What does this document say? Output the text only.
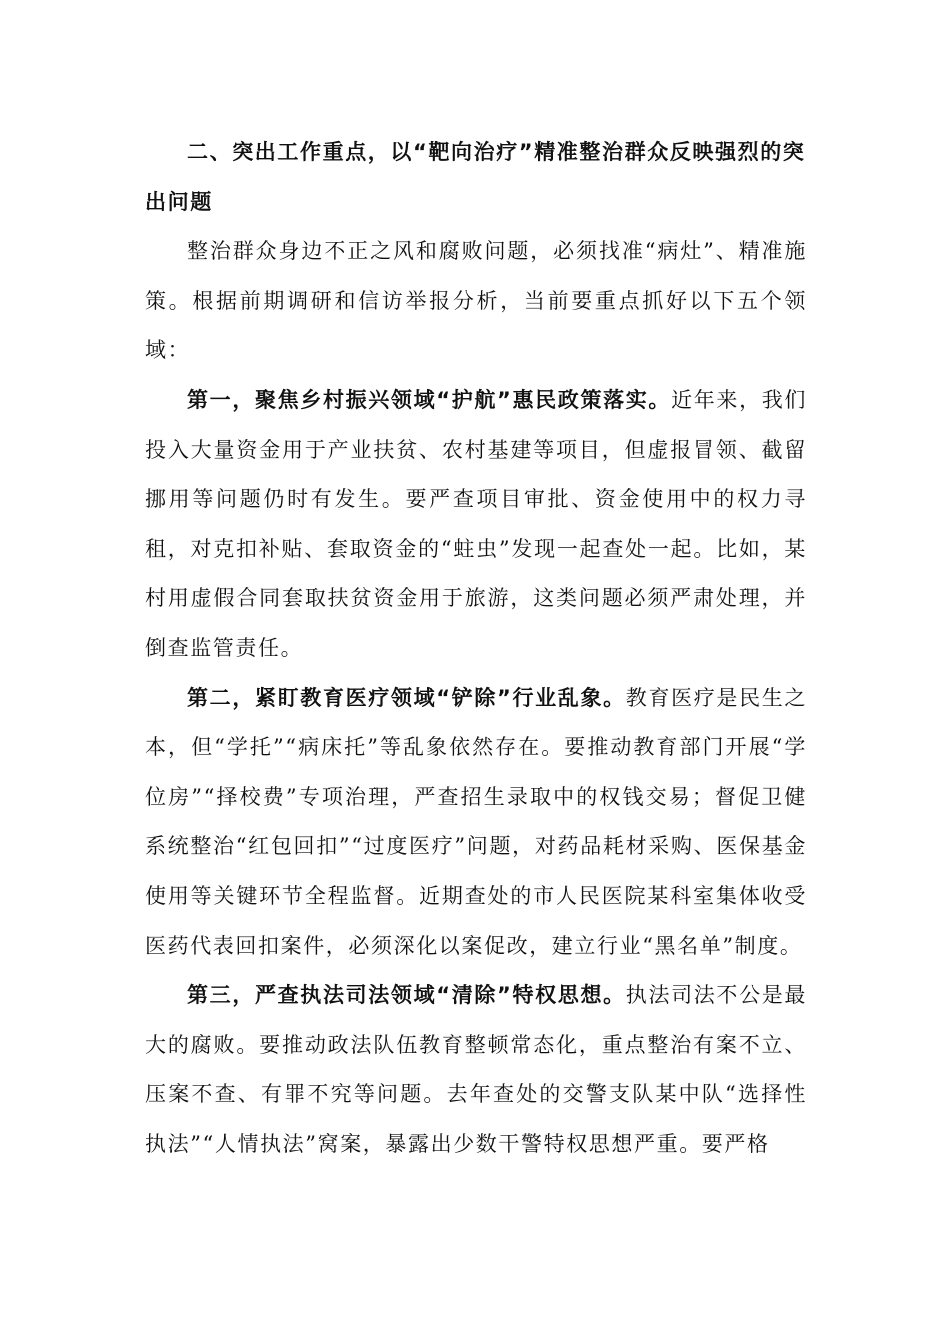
二、突出工作重点，以“靶向治疗”精准整治群众反映强烈的突出问题

整治群众身边不正之风和腐败问题，必须找准“病灶”、精准施策。根据前期调研和信访举报分析，当前要重点抓好以下五个领域：

第一，聚焦乡村振兴领域“护航”惠民政策落实。近年来，我们投入大量资金用于产业扶贫、农村基建等项目，但虚报冒领、截留挪用等问题仍时有发生。要严查项目审批、资金使用中的权力寻租，对克扣补贴、套取资金的“蛀虫”发现一起查处一起。比如，某村用虚假合同套取扶贫资金用于旅游，这类问题必须严肃处理，并倒查监管责任。

第二，紧盯教育医疗领域“铲除”行业乱象。教育医疗是民生之本，但“学托”“病床托”等乱象依然存在。要推动教育部门开展“学位房”“择校费”专项治理，严查招生录取中的权钱交易；督促卫健系统整治“红包回扣”“过度医疗”问题，对药品耗材采购、医保基金使用等关键环节全程监督。近期查处的市人民医院某科室集体收受医药代表回扣案件，必须深化以案促改，建立行业“黑名单”制度。

第三，严查执法司法领域“清除”特权思想。执法司法不公是最大的腐败。要推动政法队伍教育整顿常态化，重点整治有案不立、压案不查、有罪不究等问题。去年查处的交警支队某中队“选择性执法”“人情执法”窝案，暴露出少数干警特权思想严重。要严格
